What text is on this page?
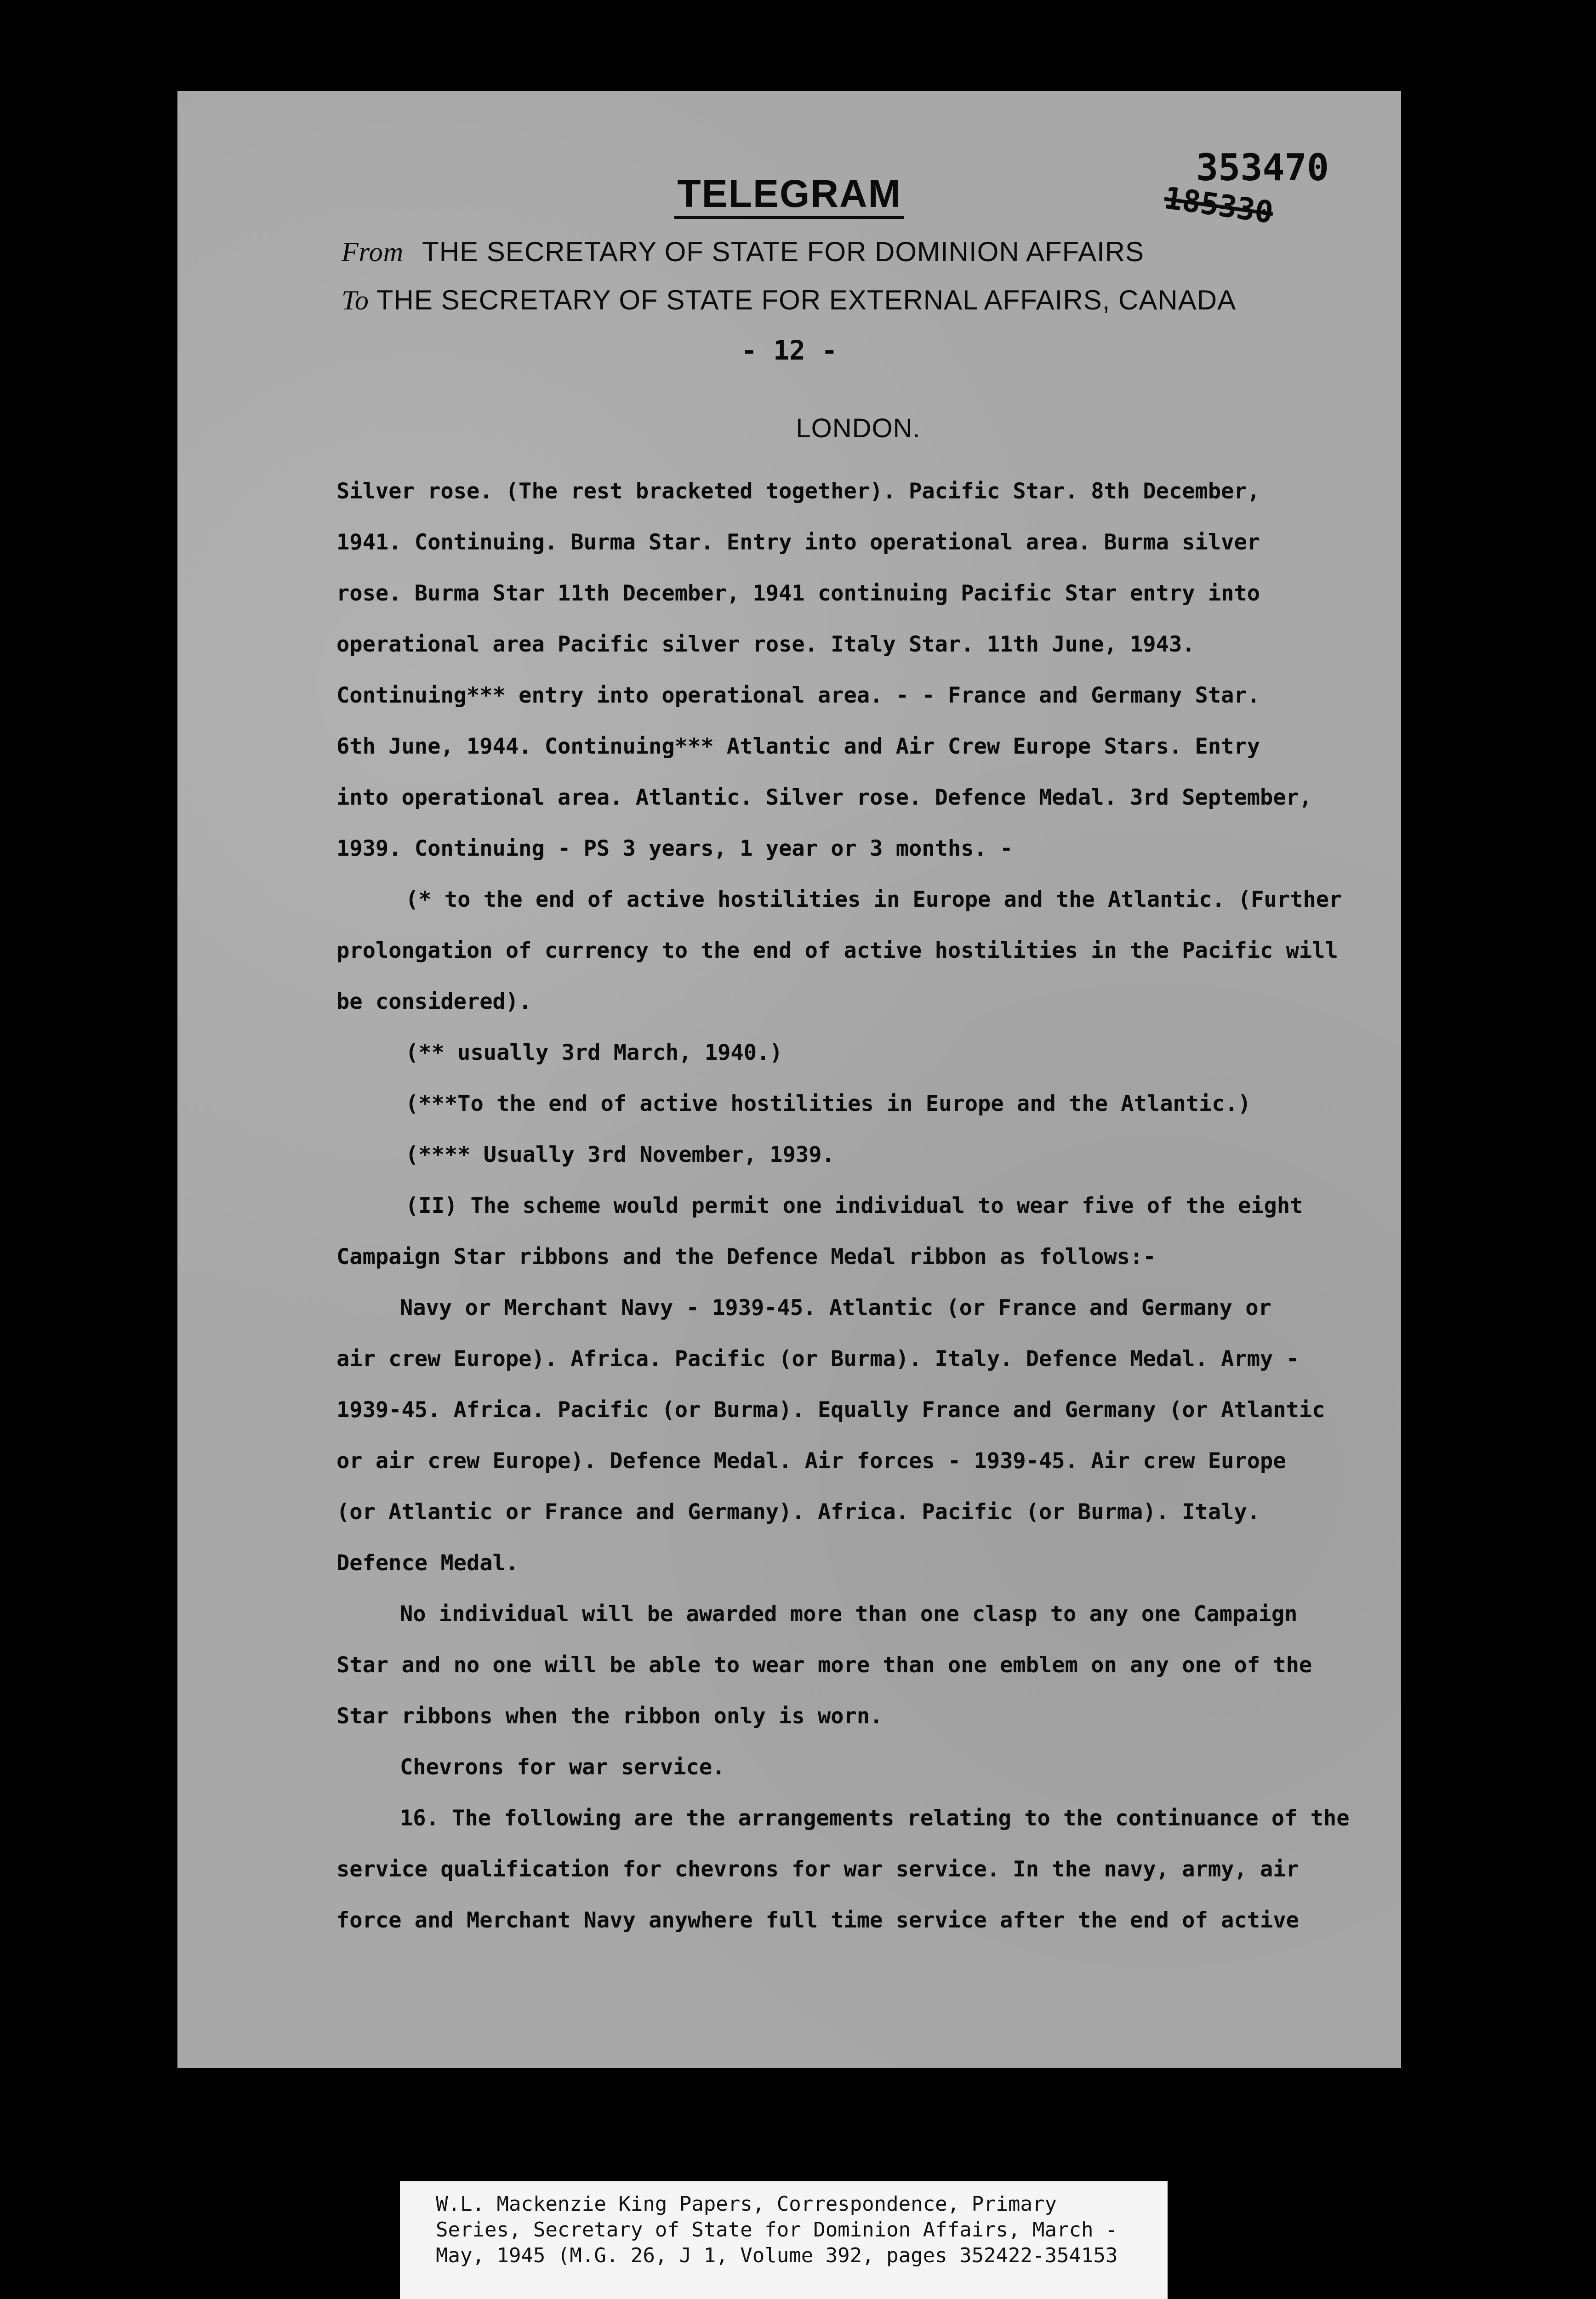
TELEGRAM
353470
185330
From THE SECRETARY OF STATE FOR DOMINION AFFAIRS
To THE SECRETARY OF STATE FOR EXTERNAL AFFAIRS, CANADA
- 12 -
LONDON.
Silver rose. (The rest bracketed together). Pacific Star. 8th December,
1941. Continuing. Burma Star. Entry into operational area. Burma silver
rose. Burma Star 11th December, 1941 continuing Pacific Star entry into
operational area Pacific silver rose. Italy Star. 11th June, 1943.
Continuing*** entry into operational area. - - France and Germany Star.
6th June, 1944. Continuing*** Atlantic and Air Crew Europe Stars. Entry
into operational area. Atlantic. Silver rose. Defence Medal. 3rd September,
1939. Continuing - PS 3 years, 1 year or 3 months. -
(* to the end of active hostilities in Europe and the Atlantic. (Further
prolongation of currency to the end of active hostilities in the Pacific will
be considered).
(** usually 3rd March, 1940.)
(***To the end of active hostilities in Europe and the Atlantic.)
(**** Usually 3rd November, 1939.
(II) The scheme would permit one individual to wear five of the eight
Campaign Star ribbons and the Defence Medal ribbon as follows:-
Navy or Merchant Navy - 1939-45. Atlantic (or France and Germany or
air crew Europe). Africa. Pacific (or Burma). Italy. Defence Medal. Army -
1939-45. Africa. Pacific (or Burma). Equally France and Germany (or Atlantic
or air crew Europe). Defence Medal. Air forces - 1939-45. Air crew Europe
(or Atlantic or France and Germany). Africa. Pacific (or Burma). Italy.
Defence Medal.
No individual will be awarded more than one clasp to any one Campaign
Star and no one will be able to wear more than one emblem on any one of the
Star ribbons when the ribbon only is worn.
Chevrons for war service.
16. The following are the arrangements relating to the continuance of the
service qualification for chevrons for war service. In the navy, army, air
force and Merchant Navy anywhere full time service after the end of active
W.L. Mackenzie King Papers, Correspondence, Primary
Series, Secretary of State for Dominion Affairs, March -
May, 1945 (M.G. 26, J 1, Volume 392, pages 352422-354153
